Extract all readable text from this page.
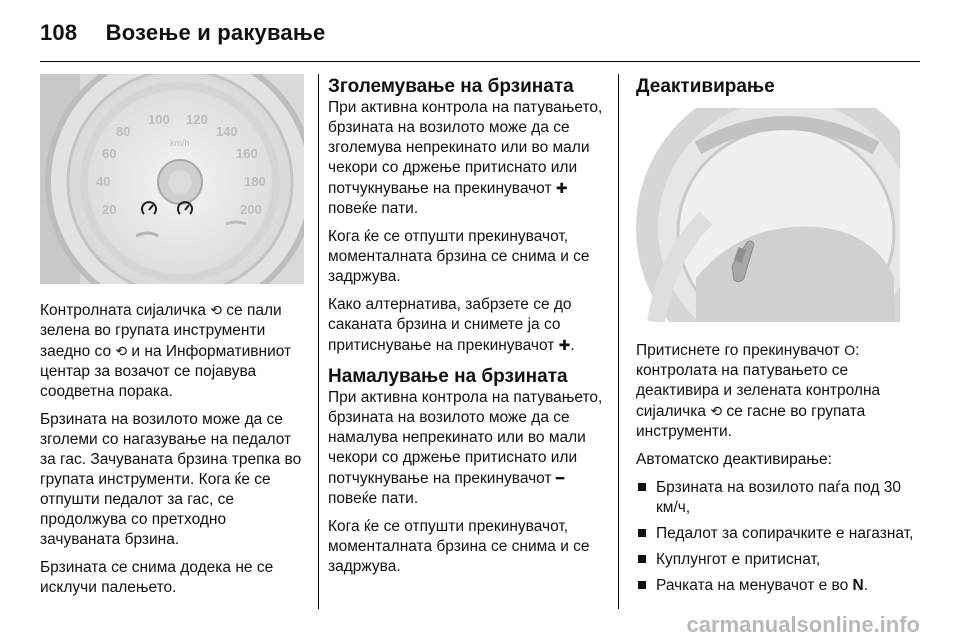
108 Возење и ракување
100 120
80	140
60	160
40	180
20	200
km/h

Контролната сијаличка ⟲ се пали зелена во групата инструменти заедно со ⟲ и на Информативниот центар за возачот се појавува соодветна порака.

Брзината на возилото може да се зголеми со нагазување на педалот за гас. Зачуваната брзина трепка во групата инструменти. Кога ќе се отпушти педалот за гас, се продолжува со претходно зачуваната брзина.

Брзината се снима додека не се исклучи палењето.

Зголемување на брзината

При активна контрола на патувањето, брзината на возилото може да се зголемува непрекинато или во мали чекори со држење притиснато или потчукнување на прекинувачот ✚ повеќе пати.

Кога ќе се отпушти прекинувачот, моменталната брзина се снима и се задржува.

Како алтернатива, забрзете се до сакaната брзина и снимете ја со притиснување на прекинувачот ✚.

Намалување на брзината

При активна контрола на патувањето, брзината на возилото може да се намалува непрекинато или во мали чекори со држење притиснато или потчукнување на прекинувачот ━ повеќе пати.

Кога ќе се отпушти прекинувачот, моменталната брзина се снима и се задржува.

Деактивирање

Притиснете го прекинувачот O: контролата на патувањето се деактивира и зелената контролна сијаличка ⟲ се гасне во групата инструменти.

Автоматско деактивирање:

Брзината на возилото паѓа под 30 км/ч,
Педалот за сопирачките е нагазнат,
Куплунгот е притиснат,
Рачката на менувачот е во N.
carmanualsonline.info
